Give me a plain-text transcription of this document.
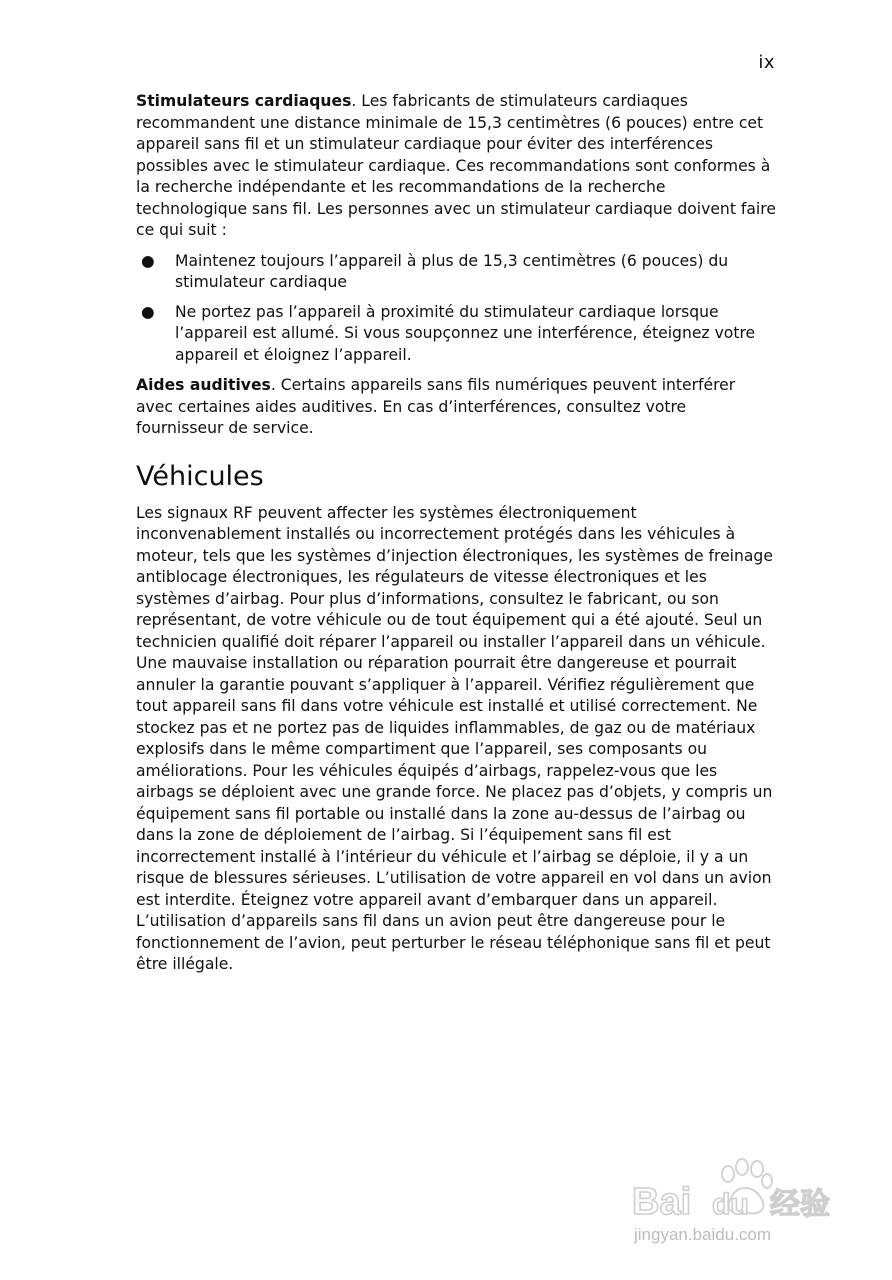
ix

Stimulateurs cardiaques. Les fabricants de stimulateurs cardiaques recommandent une distance minimale de 15,3 centimètres (6 pouces) entre cet appareil sans fil et un stimulateur cardiaque pour éviter des interférences possibles avec le stimulateur cardiaque. Ces recommandations sont conformes à la recherche indépendante et les recommandations de la recherche technologique sans fil. Les personnes avec un stimulateur cardiaque doivent faire ce qui suit :

● Maintenez toujours l’appareil à plus de 15,3 centimètres (6 pouces) du stimulateur cardiaque
● Ne portez pas l’appareil à proximité du stimulateur cardiaque lorsque l’appareil est allumé. Si vous soupçonnez une interférence, éteignez votre appareil et éloignez l’appareil.

Aides auditives. Certains appareils sans fils numériques peuvent interférer avec certaines aides auditives. En cas d’interférences, consultez votre fournisseur de service.

Véhicules

Les signaux RF peuvent affecter les systèmes électroniquement inconvenablement installés ou incorrectement protégés dans les véhicules à moteur, tels que les systèmes d’injection électroniques, les systèmes de freinage antiblocage électroniques, les régulateurs de vitesse électroniques et les systèmes d’airbag. Pour plus d’informations, consultez le fabricant, ou son représentant, de votre véhicule ou de tout équipement qui a été ajouté. Seul un technicien qualifié doit réparer l’appareil ou installer l’appareil dans un véhicule. Une mauvaise installation ou réparation pourrait être dangereuse et pourrait annuler la garantie pouvant s’appliquer à l’appareil. Vérifiez régulièrement que tout appareil sans fil dans votre véhicule est installé et utilisé correctement. Ne stockez pas et ne portez pas de liquides inflammables, de gaz ou de matériaux explosifs dans le même compartiment que l’appareil, ses composants ou améliorations. Pour les véhicules équipés d’airbags, rappelez-vous que les airbags se déploient avec une grande force. Ne placez pas d’objets, y compris un équipement sans fil portable ou installé dans la zone au-dessus de l’airbag ou dans la zone de déploiement de l’airbag. Si l’équipement sans fil est incorrectement installé à l’intérieur du véhicule et l’airbag se déploie, il y a un risque de blessures sérieuses. L’utilisation de votre appareil en vol dans un avion est interdite. Éteignez votre appareil avant d’embarquer dans un appareil. L’utilisation d’appareils sans fil dans un avion peut être dangereuse pour le fonctionnement de l’avion, peut perturber le réseau téléphonique sans fil et peut être illégale.

Bai du 经验
jingyan.baidu.com
